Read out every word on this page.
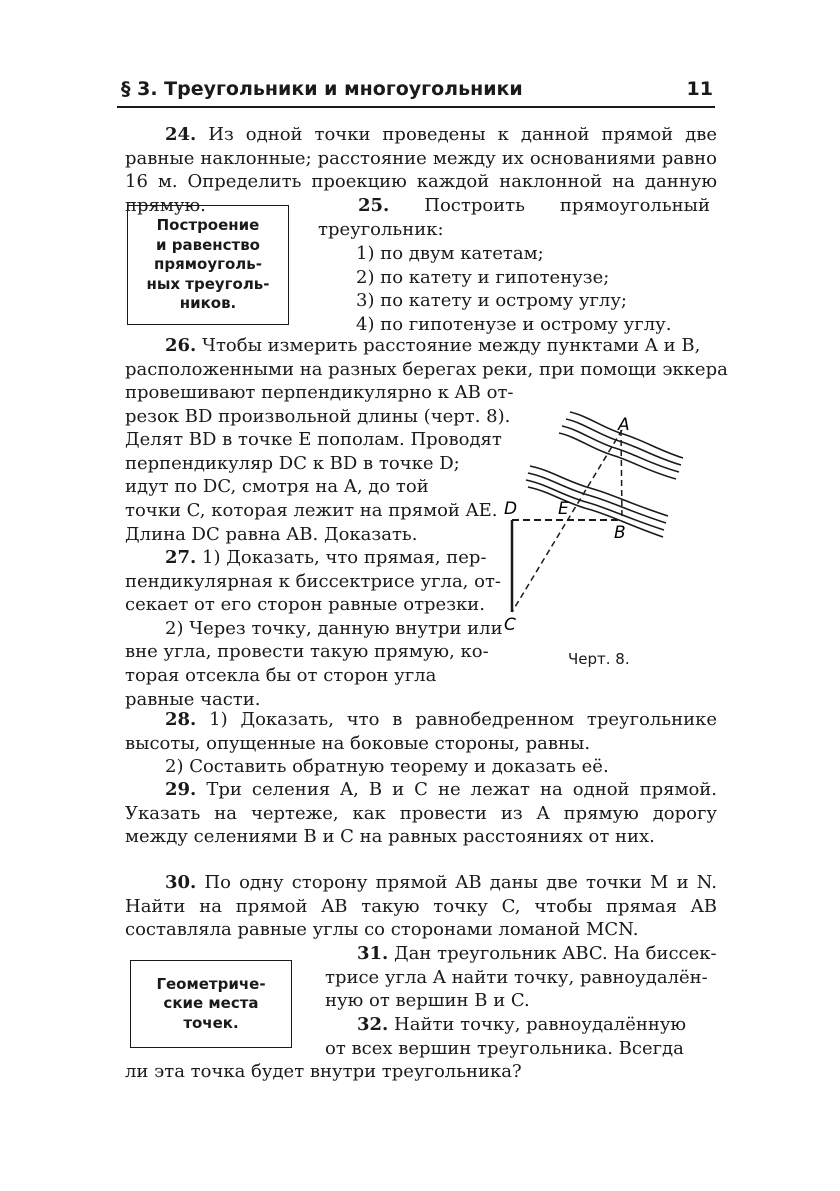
§ 3. Треугольники и многоугольники	11

24. Из одной точки проведены к данной прямой две равные наклонные; расстояние между их основаниями равно 16 м. Определить проекцию каждой наклонной на данную прямую.

Построение
и равенство
прямоуголь-
ных треуголь-
ников.

25. Построить прямоугольный треугольник:

1) по двум катетам;
2) по катету и гипотенузе;
3) по катету и острому углу;
4) по гипотенузе и острому углу.

26. Чтобы измерить расстояние между пунктами A и B,

расположенными на разных берегах реки, при помощи эккера

провешивают перпендикулярно к AB от-
резок BD произвольной длины (черт. 8).
Делят BD в точке E пополам. Проводят
перпендикуляр DC к BD в точке D;
идут по DC, смотря на A, до той
точки C, которая лежит на прямой AE.
Длина DC равна AB. Доказать.
27. 1) Доказать, что прямая, пер-
пендикулярная к биссектрисе угла, от-
секает от его сторон равные отрезки.
2) Через точку, данную внутри или
вне угла, провести такую прямую, ко-
торая отсекла бы от сторон угла
равные части.
A
B
C
D E
Черт. 8.

28. 1) Доказать, что в равнобедренном треугольнике высоты, опущенные на боковые стороны, равны.

2) Составить обратную теорему и доказать её.

29. Три селения A, B и C не лежат на одной прямой. Указать на чертеже, как провести из A прямую дорогу между селениями B и C на равных расстояниях от них.

30. По одну сторону прямой AB даны две точки M и N. Найти на прямой AB такую точку C, чтобы прямая AB составляла равные углы со сторонами ломаной MCN.

Геометриче-
ские места
точек.
31. Дан треугольник ABC. На биссек-
трисе угла A найти точку, равноудалён-
ную от вершин B и C.
32. Найти точку, равноудалённую
от всех вершин треугольника. Всегда
ли эта точка будет внутри треугольника?
